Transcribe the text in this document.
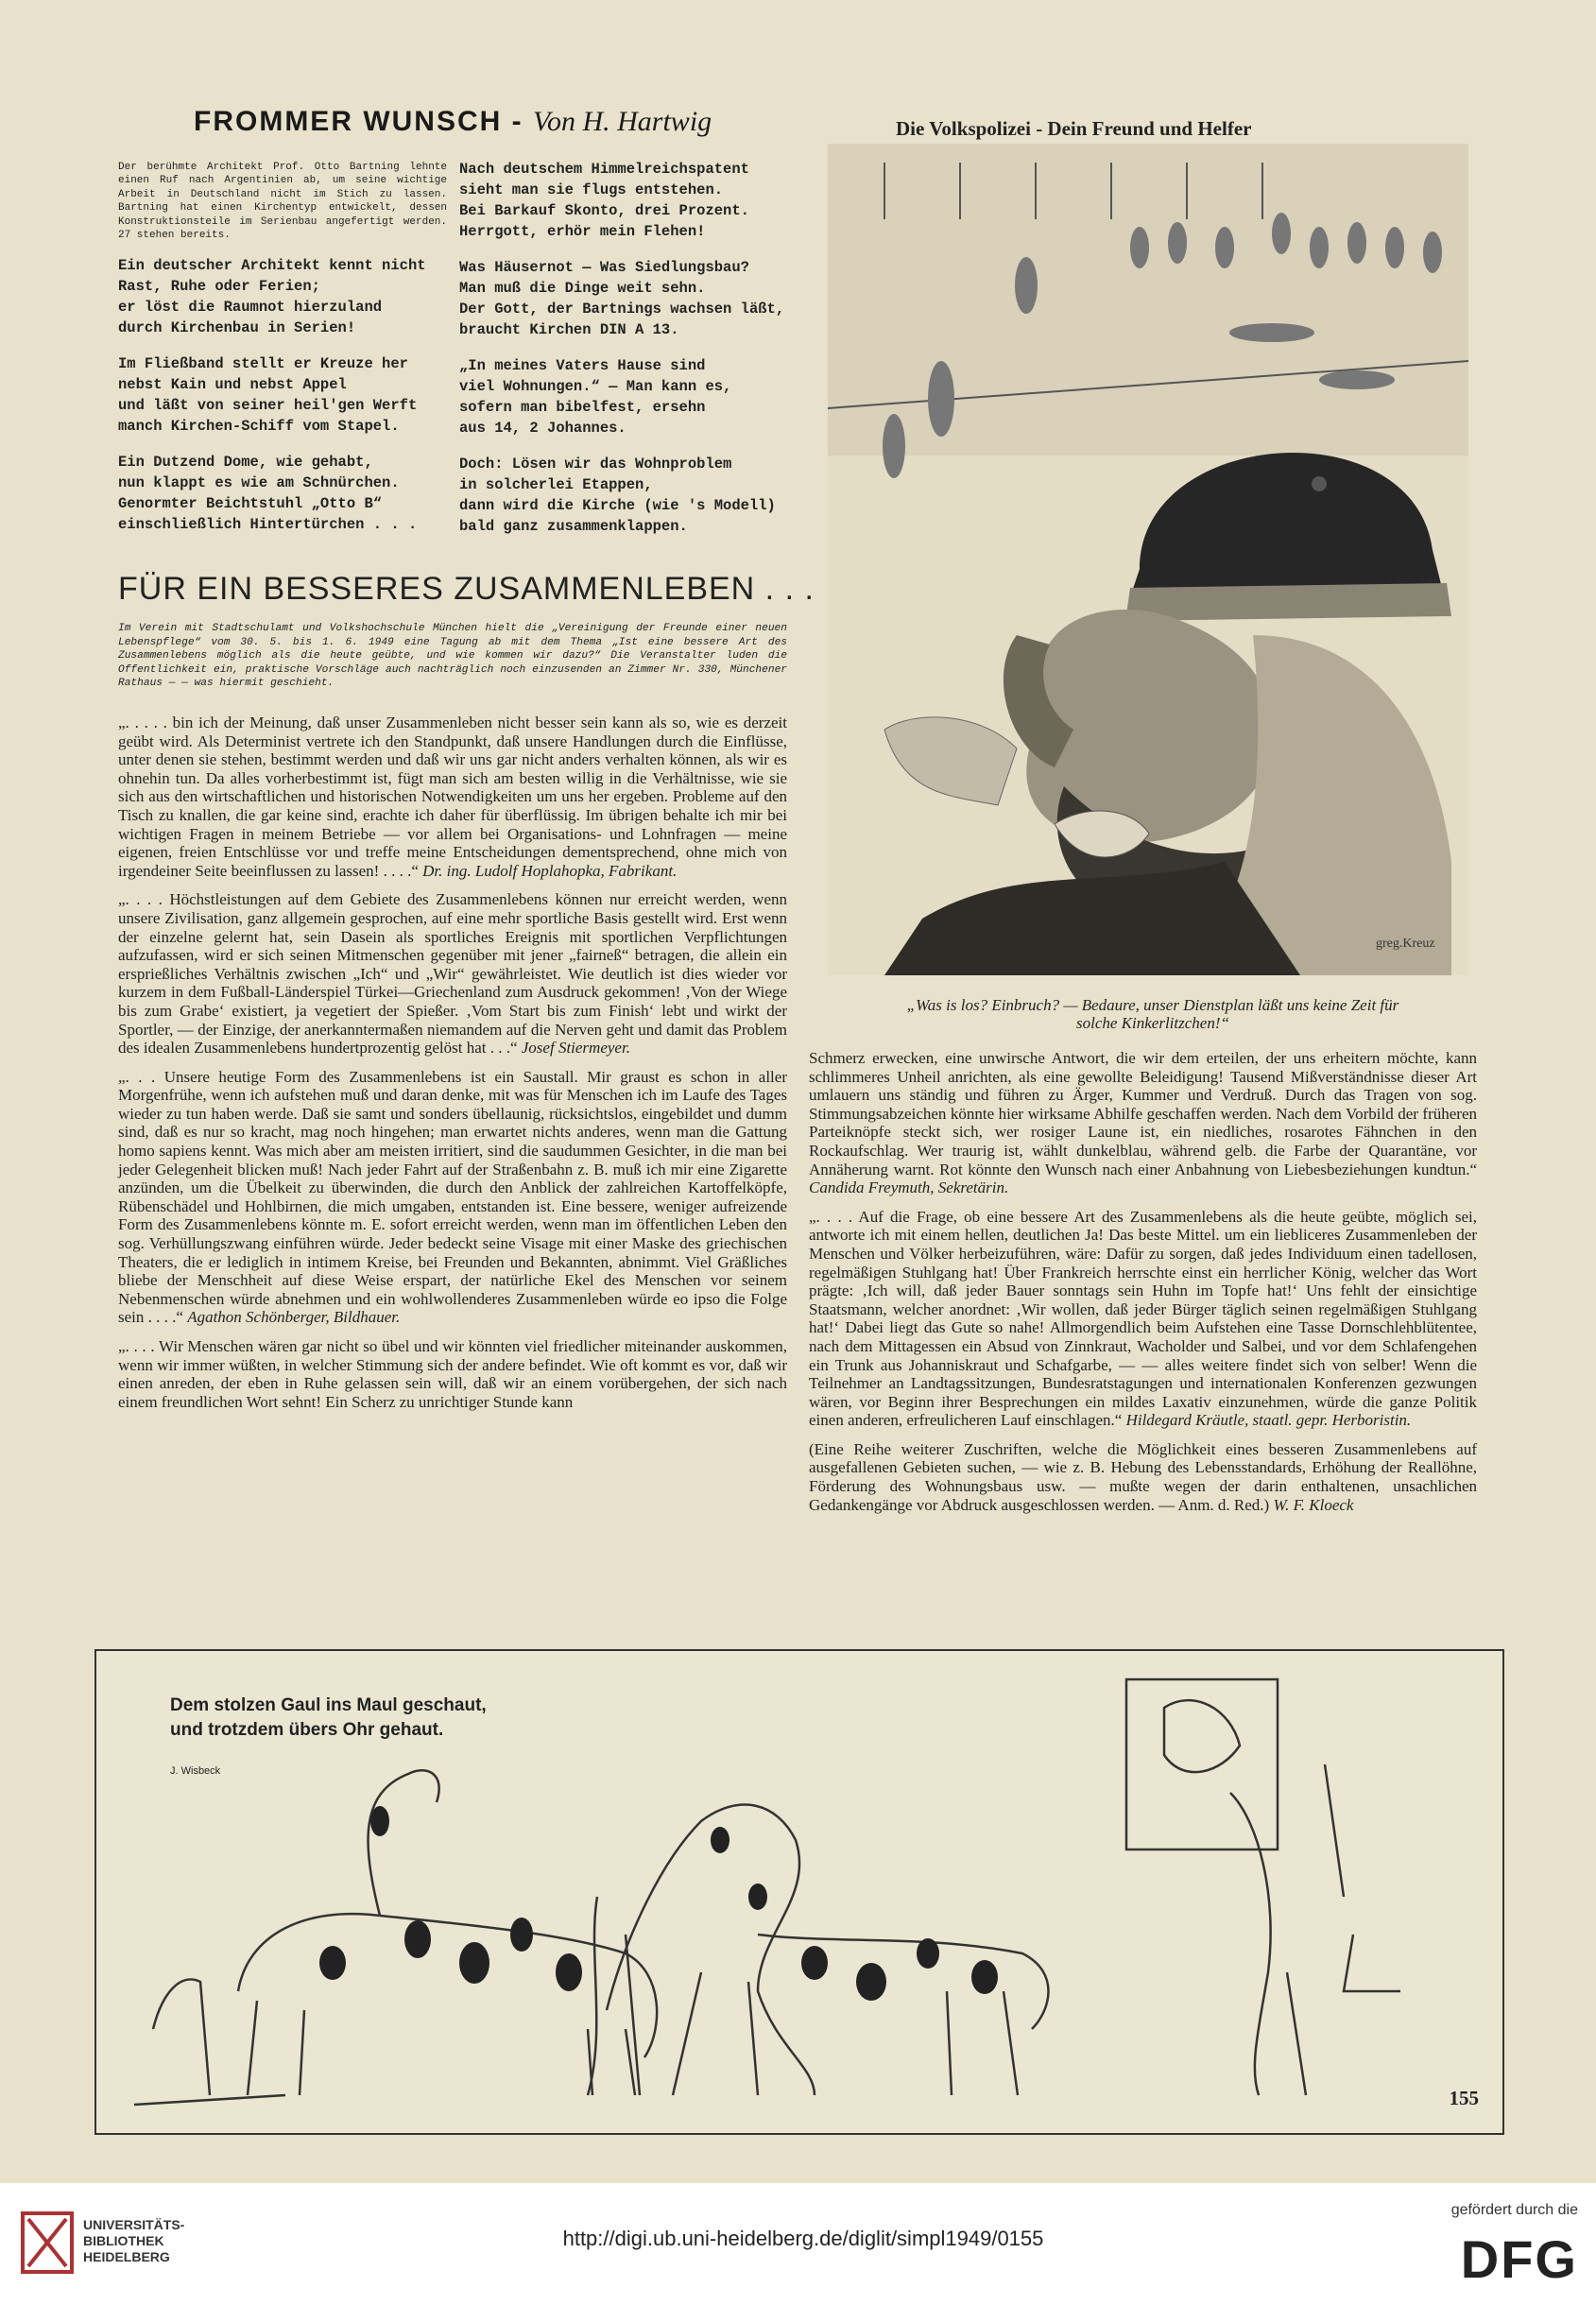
FROMMER WUNSCH - Von H. Hartwig
Der berühmte Architekt Prof. Otto Bartning lehnte einen Ruf nach Argentinien ab, um seine wichtige Arbeit in Deutschland nicht im Stich zu lassen. Bartning hat einen Kirchentyp entwickelt, dessen Konstruktionsteile im Serienbau angefertigt werden. 27 stehen bereits.

Ein deutscher Architekt kennt nicht
Rast, Ruhe oder Ferien;
er löst die Raumnot hierzuland
durch Kirchenbau in Serien!

Im Fließband stellt er Kreuze her
nebst Kain und nebst Appel
und läßt von seiner heil'gen Werft
manch Kirchen-Schiff vom Stapel.

Ein Dutzend Dome, wie gehabt,
nun klappt es wie am Schnürchen.
Genormter Beichtstuhl „Otto B“
einschließlich Hintertürchen . . .

Nach deutschem Himmelreichspatent
sieht man sie flugs entstehen.
Bei Barkauf Skonto, drei Prozent.
Herrgott, erhör mein Flehen!

Was Häusernot — Was Siedlungsbau?
Man muß die Dinge weit sehn.
Der Gott, der Bartnings wachsen läßt,
braucht Kirchen DIN A 13.

„In meines Vaters Hause sind
viel Wohnungen.“ — Man kann es,
sofern man bibelfest, ersehn
aus 14, 2 Johannes.

Doch: Lösen wir das Wohnproblem
in solcherlei Etappen,
dann wird die Kirche (wie 's Modell)
bald ganz zusammenklappen.

Die Volkspolizei - Dein Freund und Helfer
greg.Kreuz
„Was is los? Einbruch? — Bedaure, unser Dienstplan läßt uns keine Zeit für solche Kinkerlitzchen!“
FÜR EIN BESSERES ZUSAMMENLEBEN . . .
Im Verein mit Stadtschulamt und Volkshochschule München hielt die „Vereinigung der Freunde einer neuen Lebenspflege“ vom 30. 5. bis 1. 6. 1949 eine Tagung ab mit dem Thema „Ist eine bessere Art des Zusammenlebens möglich als die heute geübte, und wie kommen wir dazu?“ Die Veranstalter luden die Offentlichkeit ein, praktische Vorschläge auch nachträglich noch einzusenden an Zimmer Nr. 330, Münchener Rathaus — — was hiermit geschieht.

„. . . . . bin ich der Meinung, daß unser Zusammenleben nicht besser sein kann als so, wie es derzeit geübt wird. Als Determinist vertrete ich den Standpunkt, daß unsere Handlungen durch die Einflüsse, unter denen sie stehen, bestimmt werden und daß wir uns gar nicht anders verhalten können, als wir es ohnehin tun. Da alles vorherbestimmt ist, fügt man sich am besten willig in die Verhältnisse, wie sie sich aus den wirtschaftlichen und historischen Notwendigkeiten um uns her ergeben. Probleme auf den Tisch zu knallen, die gar keine sind, erachte ich daher für überflüssig. Im übrigen behalte ich mir bei wichtigen Fragen in meinem Betriebe — vor allem bei Organisations- und Lohnfragen — meine eigenen, freien Entschlüsse vor und treffe meine Entscheidungen dementsprechend, ohne mich von irgendeiner Seite beeinflussen zu lassen! . . . .“ Dr. ing. Ludolf Hoplahopka, Fabrikant.

„. . . . Höchstleistungen auf dem Gebiete des Zusammenlebens können nur erreicht werden, wenn unsere Zivilisation, ganz allgemein gesprochen, auf eine mehr sportliche Basis gestellt wird. Erst wenn der einzelne gelernt hat, sein Dasein als sportliches Ereignis mit sportlichen Verpflichtungen aufzufassen, wird er sich seinen Mitmenschen gegenüber mit jener „fairneß“ betragen, die allein ein ersprießliches Verhältnis zwischen „Ich“ und „Wir“ gewährleistet. Wie deutlich ist dies wieder vor kurzem in dem Fußball-Länderspiel Türkei—Griechenland zum Ausdruck gekommen! ‚Von der Wiege bis zum Grabe‘ existiert, ja vegetiert der Spießer. ‚Vom Start bis zum Finish‘ lebt und wirkt der Sportler, — der Einzige, der anerkanntermaßen niemandem auf die Nerven geht und damit das Problem des idealen Zusammenlebens hundertprozentig gelöst hat . . .“ Josef Stiermeyer.

„. . . Unsere heutige Form des Zusammenlebens ist ein Saustall. Mir graust es schon in aller Morgenfrühe, wenn ich aufstehen muß und daran denke, mit was für Menschen ich im Laufe des Tages wieder zu tun haben werde. Daß sie samt und sonders übellaunig, rücksichtslos, eingebildet und dumm sind, daß es nur so kracht, mag noch hingehen; man erwartet nichts anderes, wenn man die Gattung homo sapiens kennt. Was mich aber am meisten irritiert, sind die saudummen Gesichter, in die man bei jeder Gelegenheit blicken muß! Nach jeder Fahrt auf der Straßenbahn z. B. muß ich mir eine Zigarette anzünden, um die Übelkeit zu überwinden, die durch den Anblick der zahlreichen Kartoffelköpfe, Rübenschädel und Hohlbirnen, die mich umgaben, entstanden ist. Eine bessere, weniger aufreizende Form des Zusammenlebens könnte m. E. sofort erreicht werden, wenn man im öffentlichen Leben den sog. Verhüllungszwang einführen würde. Jeder bedeckt seine Visage mit einer Maske des griechischen Theaters, die er lediglich in intimem Kreise, bei Freunden und Bekannten, abnimmt. Viel Gräßliches bliebe der Menschheit auf diese Weise erspart, der natürliche Ekel des Menschen vor seinem Nebenmenschen würde abnehmen und ein wohlwollenderes Zusammenleben würde eo ipso die Folge sein . . . .“ Agathon Schönberger, Bildhauer.

„. . . . Wir Menschen wären gar nicht so übel und wir könnten viel friedlicher miteinander auskommen, wenn wir immer wüßten, in welcher Stimmung sich der andere befindet. Wie oft kommt es vor, daß wir einen anreden, der eben in Ruhe gelassen sein will, daß wir an einem vorübergehen, der sich nach einem freundlichen Wort sehnt! Ein Scherz zu unrichtiger Stunde kann

Schmerz erwecken, eine unwirsche Antwort, die wir dem erteilen, der uns erheitern möchte, kann schlimmeres Unheil anrichten, als eine gewollte Beleidigung! Tausend Mißverständnisse dieser Art umlauern uns ständig und führen zu Ärger, Kummer und Verdruß. Durch das Tragen von sog. Stimmungsabzeichen könnte hier wirksame Abhilfe geschaffen werden. Nach dem Vorbild der früheren Parteiknöpfe steckt sich, wer rosiger Laune ist, ein niedliches, rosarotes Fähnchen in den Rockaufschlag. Wer traurig ist, wählt dunkelblau, während gelb. die Farbe der Quarantäne, vor Annäherung warnt. Rot könnte den Wunsch nach einer Anbahnung von Liebesbeziehungen kundtun.“ Candida Freymuth, Sekretärin.

„. . . . Auf die Frage, ob eine bessere Art des Zusammenlebens als die heute geübte, möglich sei, antworte ich mit einem hellen, deutlichen Ja! Das beste Mittel. um ein liebliceres Zusammenleben der Menschen und Völker herbeizuführen, wäre: Dafür zu sorgen, daß jedes Individuum einen tadellosen, regelmäßigen Stuhlgang hat! Über Frankreich herrschte einst ein herrlicher König, welcher das Wort prägte: ‚Ich will, daß jeder Bauer sonntags sein Huhn im Topfe hat!‘ Uns fehlt der einsichtige Staatsmann, welcher anordnet: ‚Wir wollen, daß jeder Bürger täglich seinen regelmäßigen Stuhlgang hat!‘ Dabei liegt das Gute so nahe! Allmorgendlich beim Aufstehen eine Tasse Dornschlehblütentee, nach dem Mittagessen ein Absud von Zinnkraut, Wacholder und Salbei, und vor dem Schlafengehen ein Trunk aus Johanniskraut und Schafgarbe, — — alles weitere findet sich von selber! Wenn die Teilnehmer an Landtagssitzungen, Bundesratstagungen und internationalen Konferenzen gezwungen wären, vor Beginn ihrer Besprechungen ein mildes Laxativ einzunehmen, würde die ganze Politik einen anderen, erfreulicheren Lauf einschlagen.“ Hildegard Kräutle, staatl. gepr. Herboristin.

(Eine Reihe weiterer Zuschriften, welche die Möglichkeit eines besseren Zusammenlebens auf ausgefallenen Gebieten suchen, — wie z. B. Hebung des Lebensstandards, Erhöhung der Reallöhne, Förderung des Wohnungsbaus usw. — mußte wegen der darin enthaltenen, unsachlichen Gedankengänge vor Abdruck ausgeschlossen werden. — Anm. d. Red.) W. F. Kloeck

Dem stolzen Gaul ins Maul geschaut,
und trotzdem übers Ohr gehaut.
J. Wisbeck
155
UNIVERSITÄTS-
BIBLIOTHEK
HEIDELBERG
http://digi.ub.uni-heidelberg.de/diglit/simpl1949/0155
gefördert durch die
DFG
